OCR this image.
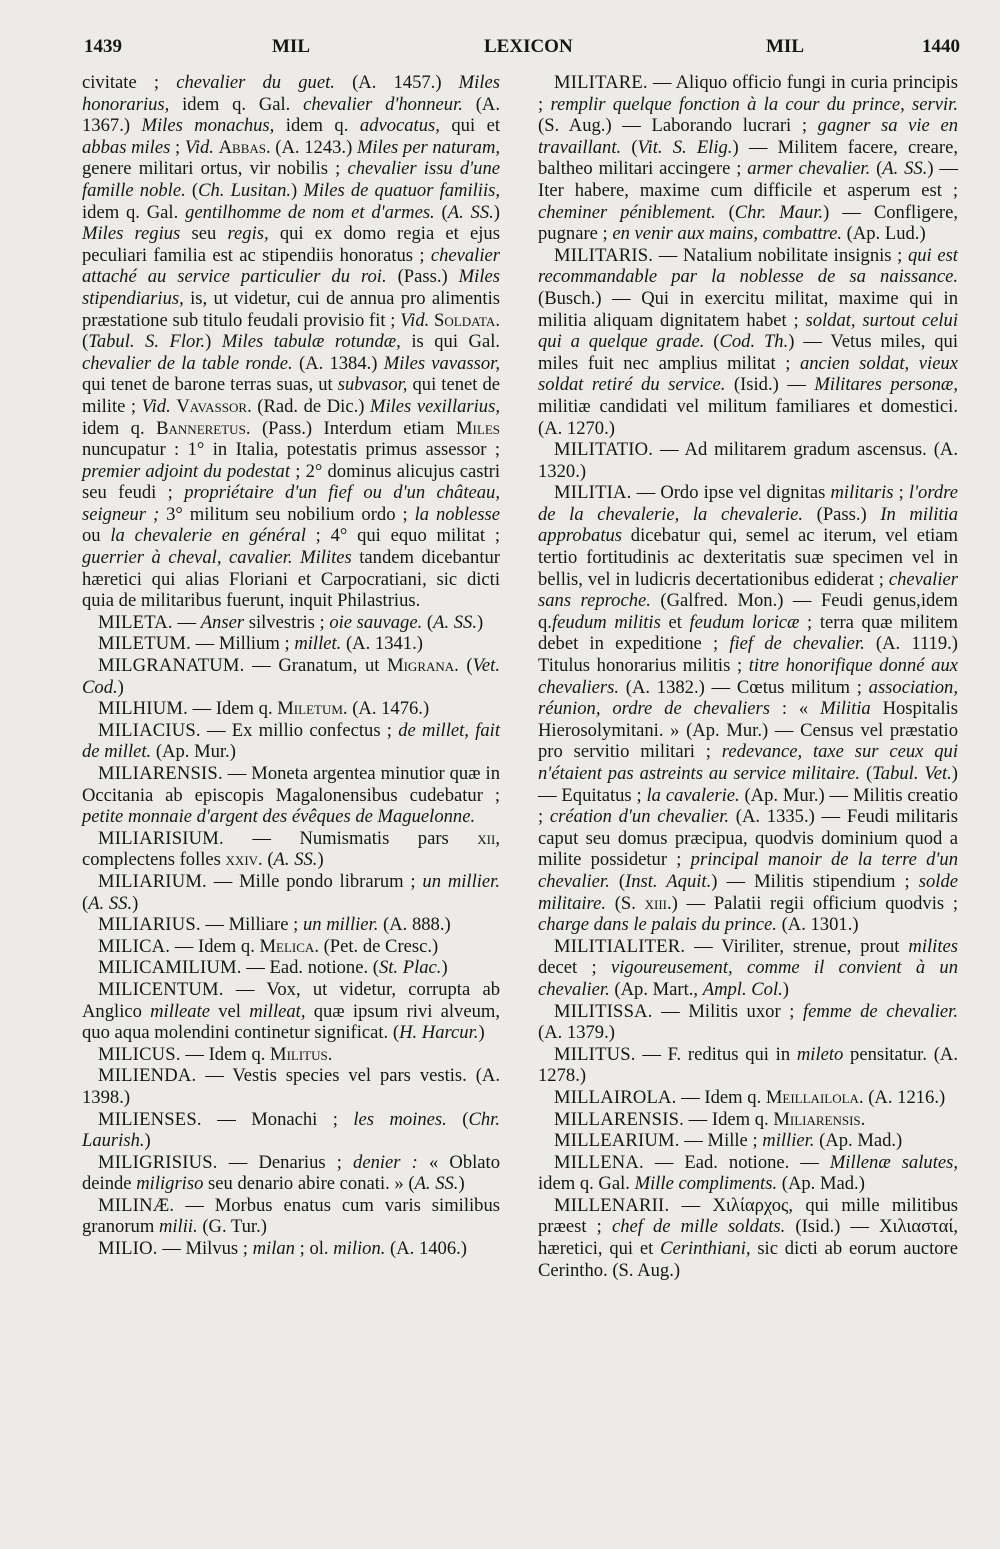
1439	MIL	LEXICON	MIL	1440

civitate ; chevalier du guet. (A. 1457.) Miles honorarius, idem q. Gal. chevalier d'honneur. (A. 1367.) Miles monachus, idem q. advocatus, qui et abbas miles ; Vid. Abbas. (A. 1243.) Miles per naturam, genere militari ortus, vir nobilis ; chevalier issu d'une famille noble. (Ch. Lusitan.) Miles de quatuor familiis, idem q. Gal. gentilhomme de nom et d'armes. (A. SS.) Miles regius seu regis, qui ex domo regia et ejus peculiari familia est ac stipendiis honoratus ; chevalier attaché au service particulier du roi. (Pass.) Miles stipendiarius, is, ut videtur, cui de annua pro alimentis præstatione sub titulo feudali provisio fit ; Vid. Soldata. (Tabul. S. Flor.) Miles tabulæ rotundæ, is qui Gal. chevalier de la table ronde. (A. 1384.) Miles vavassor, qui tenet de barone terras suas, ut subvasor, qui tenet de milite ; Vid. Vavassor. (Rad. de Dic.) Miles vexillarius, idem q. Banneretus. (Pass.) Interdum etiam Miles nuncupatur : 1° in Italia, potestatis primus assessor ; premier adjoint du podestat ; 2° dominus alicujus castri seu feudi ; propriétaire d'un fief ou d'un château, seigneur ; 3° militum seu nobilium ordo ; la noblesse ou la chevalerie en général ; 4° qui equo militat ; guerrier à cheval, cavalier. Milites tandem dicebantur hæretici qui alias Floriani et Carpocratiani, sic dicti quia de militaribus fuerunt, inquit Philastrius.

MILETA. — Anser silvestris ; oie sauvage. (A. SS.)

MILETUM. — Millium ; millet. (A. 1341.)

MILGRANATUM. — Granatum, ut Migrana. (Vet. Cod.)

MILHIUM. — Idem q. Miletum. (A. 1476.)

MILIACIUS. — Ex millio confectus ; de millet, fait de millet. (Ap. Mur.)

MILIARENSIS. — Moneta argentea minutior quæ in Occitania ab episcopis Magalonensibus cudebatur ; petite monnaie d'argent des évêques de Maguelonne.

MILIARISIUM. — Numismatis pars xii, complectens folles xxiv. (A. SS.)

MILIARIUM. — Mille pondo librarum ; un millier. (A. SS.)

MILIARIUS. — Milliare ; un millier. (A. 888.)

MILICA. — Idem q. Melica. (Pet. de Cresc.)

MILICAMILIUM. — Ead. notione. (St. Plac.)

MILICENTUM. — Vox, ut videtur, corrupta ab Anglico milleate vel milleat, quæ ipsum rivi alveum, quo aqua molendini continetur significat. (H. Harcur.)

MILICUS. — Idem q. Militus.

MILIENDA. — Vestis species vel pars vestis. (A. 1398.)

MILIENSES. — Monachi ; les moines. (Chr. Laurish.)

MILIGRISIUS. — Denarius ; denier : « Oblato deinde miligriso seu denario abire conati. » (A. SS.)

MILINÆ. — Morbus enatus cum varis similibus granorum milii. (G. Tur.)

MILIO. — Milvus ; milan ; ol. milion. (A. 1406.)

MILITARE. — Aliquo officio fungi in curia principis ; remplir quelque fonction à la cour du prince, servir. (S. Aug.) — Laborando lucrari ; gagner sa vie en travaillant. (Vit. S. Elig.) — Militem facere, creare, baltheo militari accingere ; armer chevalier. (A. SS.) — Iter habere, maxime cum difficile et asperum est ; cheminer péniblement. (Chr. Maur.) — Confligere, pugnare ; en venir aux mains, combattre. (Ap. Lud.)

MILITARIS. — Natalium nobilitate insignis ; qui est recommandable par la noblesse de sa naissance. (Busch.) — Qui in exercitu militat, maxime qui in militia aliquam dignitatem habet ; soldat, surtout celui qui a quelque grade. (Cod. Th.) — Vetus miles, qui miles fuit nec amplius militat ; ancien soldat, vieux soldat retiré du service. (Isid.) — Militares personæ, militiæ candidati vel militum familiares et domestici. (A. 1270.)

MILITATIO. — Ad militarem gradum ascensus. (A. 1320.)

MILITIA. — Ordo ipse vel dignitas militaris ; l'ordre de la chevalerie, la chevalerie. (Pass.) In militia approbatus dicebatur qui, semel ac iterum, vel etiam tertio fortitudinis ac dexteritatis suæ specimen vel in bellis, vel in ludicris decertationibus ediderat ; chevalier sans reproche. (Galfred. Mon.) — Feudi genus,idem q.feudum militis et feudum loricæ ; terra quæ militem debet in expeditione ; fief de chevalier. (A. 1119.) Titulus honorarius militis ; titre honorifique donné aux chevaliers. (A. 1382.) — Cœtus militum ; association, réunion, ordre de chevaliers : « Militia Hospitalis Hierosolymitani. » (Ap. Mur.) — Census vel præstatio pro servitio militari ; redevance, taxe sur ceux qui n'étaient pas astreints au service militaire. (Tabul. Vet.) — Equitatus ; la cavalerie. (Ap. Mur.) — Militis creatio ; création d'un chevalier. (A. 1335.) — Feudi militaris caput seu domus præcipua, quodvis dominium quod a milite possidetur ; principal manoir de la terre d'un chevalier. (Inst. Aquit.) — Militis stipendium ; solde militaire. (S. xiii.) — Palatii regii officium quodvis ; charge dans le palais du prince. (A. 1301.)

MILITIALITER. — Viriliter, strenue, prout milites decet ; vigoureusement, comme il convient à un chevalier. (Ap. Mart., Ampl. Col.)

MILITISSA. — Militis uxor ; femme de chevalier. (A. 1379.)

MILITUS. — F. reditus qui in mileto pensitatur. (A. 1278.)

MILLAIROLA. — Idem q. Meillailola. (A. 1216.)

MILLARENSIS. — Idem q. Miliarensis.

MILLEARIUM. — Mille ; millier. (Ap. Mad.)

MILLENA. — Ead. notione. — Millenæ salutes, idem q. Gal. Mille compliments. (Ap. Mad.)

MILLENARII. — Χιλίαρχος, qui mille militibus præest ; chef de mille soldats. (Isid.) — Χιλιασταί, hæretici, qui et Cerinthiani, sic dicti ab eorum auctore Cerintho. (S. Aug.)
